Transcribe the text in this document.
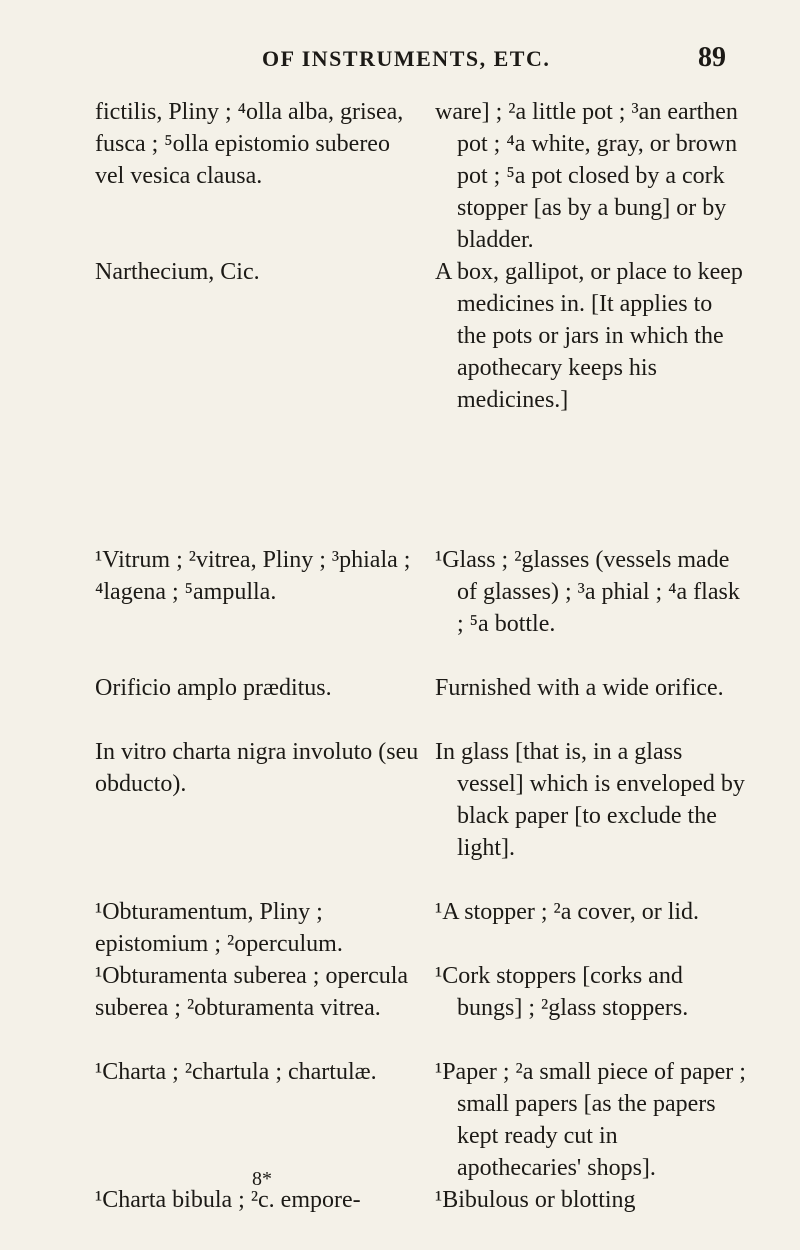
OF INSTRUMENTS, ETC.	89

fictilis, Pliny ; ⁴olla alba, grisea, fusca ; ⁵olla epistomio subereo vel vesica clausa.

Narthecium, Cic.

¹Vitrum ; ²vitrea, Pliny ; ³phiala ; ⁴lagena ; ⁵ampulla.

Orificio amplo præditus.

In vitro charta nigra involuto (seu obducto).

¹Obturamentum, Pliny ; epistomium ; ²operculum.

¹Obturamenta suberea ; opercula suberea ; ²obturamenta vitrea.

¹Charta ; ²chartula ; chartulæ.

¹Charta bibula ; ²c. empore-

ware] ; ²a little pot ; ³an earthen pot ; ⁴a white, gray, or brown pot ; ⁵a pot closed by a cork stopper [as by a bung] or by bladder.

A box, gallipot, or place to keep medicines in. [It applies to the pots or jars in which the apothecary keeps his medicines.]

¹Glass ; ²glasses (vessels made of glasses) ; ³a phial ; ⁴a flask ; ⁵a bottle.

Furnished with a wide orifice.

In glass [that is, in a glass vessel] which is enveloped by black paper [to exclude the light].

¹A stopper ; ²a cover, or lid.

¹Cork stoppers [corks and bungs] ; ²glass stoppers.

¹Paper ; ²a small piece of paper ; small papers [as the papers kept ready cut in apothecaries' shops].

¹Bibulous or blotting

8*
